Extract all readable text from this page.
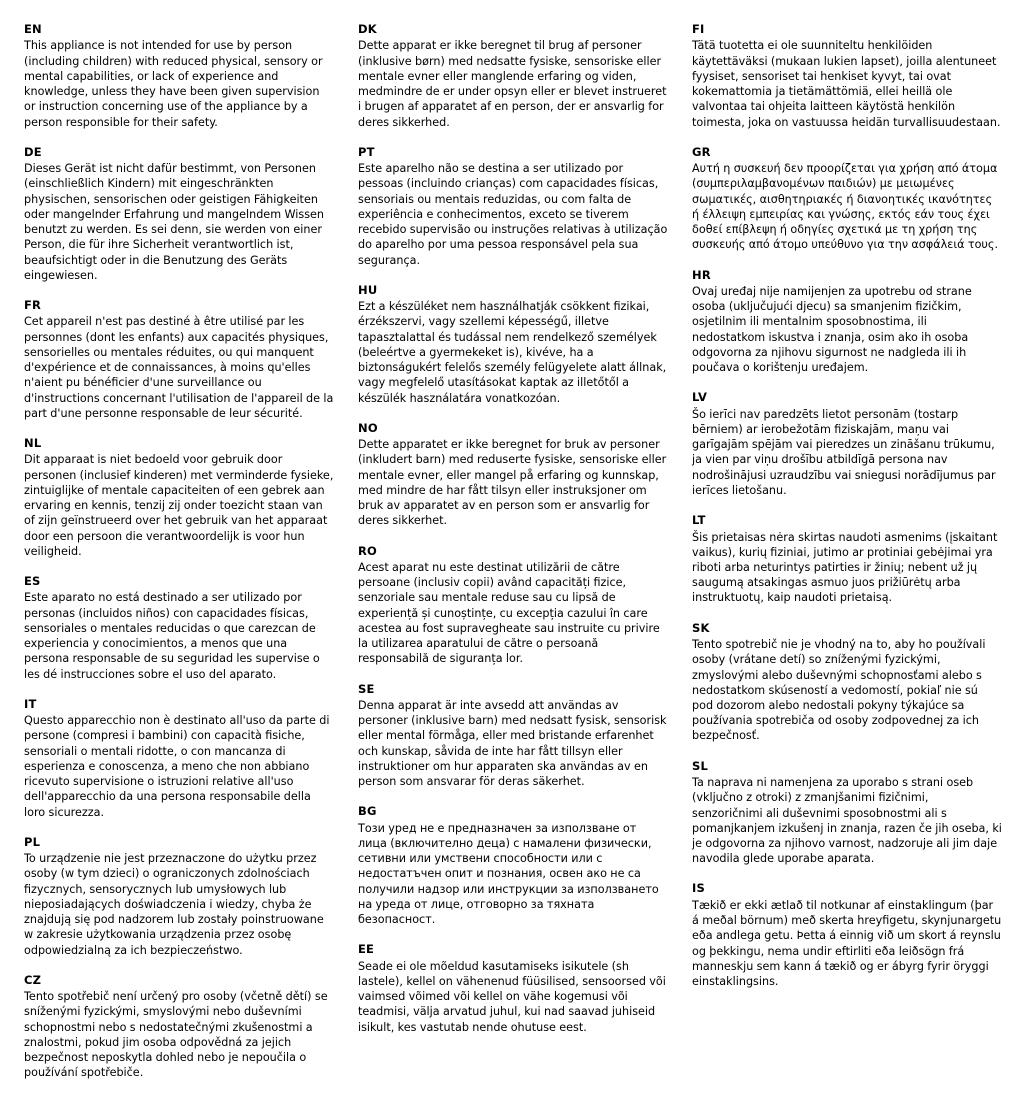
EN
This appliance is not intended for use by person (including children) with reduced physical, sensory or mental capabilities, or lack of experience and knowledge, unless they have been given supervision or instruction concerning use of the appliance by a person responsible for their safety.
DE
Dieses Gerät ist nicht dafür bestimmt, von Personen (einschließlich Kindern) mit eingeschränkten physischen, sensorischen oder geistigen Fähigkeiten oder mangelnder Erfahrung und mangelndem Wissen benutzt zu werden. Es sei denn, sie werden von einer Person, die für ihre Sicherheit verantwortlich ist, beaufsichtigt oder in die Benutzung des Geräts eingewiesen.
FR
Cet appareil n'est pas destiné à être utilisé par les personnes (dont les enfants) aux capacités physiques, sensorielles ou mentales réduites, ou qui manquent d'expérience et de connaissances, à moins qu'elles n'aient pu bénéficier d'une surveillance ou d'instructions concernant l'utilisation de l'appareil de la part d'une personne responsable de leur sécurité.
NL
Dit apparaat is niet bedoeld voor gebruik door personen (inclusief kinderen) met verminderde fysieke, zintuiglijke of mentale capaciteiten of een gebrek aan ervaring en kennis, tenzij zij onder toezicht staan van of zijn geïnstrueerd over het gebruik van het apparaat door een persoon die verantwoordelijk is voor hun veiligheid.
ES
Este aparato no está destinado a ser utilizado por personas (incluidos niños) con capacidades físicas, sensoriales o mentales reducidas o que carezcan de experiencia y conocimientos, a menos que una persona responsable de su seguridad les supervise o les dé instrucciones sobre el uso del aparato.
IT
Questo apparecchio non è destinato all'uso da parte di persone (compresi i bambini) con capacità fisiche, sensoriali o mentali ridotte, o con mancanza di esperienza e conoscenza, a meno che non abbiano ricevuto supervisione o istruzioni relative all'uso dell'apparecchio da una persona responsabile della loro sicurezza.
PL
To urządzenie nie jest przeznaczone do użytku przez osoby (w tym dzieci) o ograniczonych zdolnościach fizycznych, sensorycznych lub umysłowych lub nieposiadających doświadczenia i wiedzy, chyba że znajdują się pod nadzorem lub zostały poinstruowane w zakresie użytkowania urządzenia przez osobę odpowiedzialną za ich bezpieczeństwo.
CZ
Tento spotřebič není určený pro osoby (včetně dětí) se sníženými fyzickými, smyslovými nebo duševními schopnostmi nebo s nedostatečnými zkušenostmi a znalostmi, pokud jim osoba odpovědná za jejich bezpečnost neposkytla dohled nebo je nepoučila o používání spotřebiče.
DK
Dette apparat er ikke beregnet til brug af personer (inklusive børn) med nedsatte fysiske, sensoriske eller mentale evner eller manglende erfaring og viden, medmindre de er under opsyn eller er blevet instrueret i brugen af apparatet af en person, der er ansvarlig for deres sikkerhed.
PT
Este aparelho não se destina a ser utilizado por pessoas (incluindo crianças) com capacidades físicas, sensoriais ou mentais reduzidas, ou com falta de experiência e conhecimentos, exceto se tiverem recebido supervisão ou instruções relativas à utilização do aparelho por uma pessoa responsável pela sua segurança.
HU
Ezt a készüléket nem használhatják csökkent fizikai, érzékszervi, vagy szellemi képességű, illetve tapasztalattal és tudással nem rendelkező személyek (beleértve a gyermekeket is), kivéve, ha a biztonságukért felelős személy felügyelete alatt állnak, vagy megfelelő utasításokat kaptak az illetőtől a készülék használatára vonatkozóan.
NO
Dette apparatet er ikke beregnet for bruk av personer (inkludert barn) med reduserte fysiske, sensoriske eller mentale evner, eller mangel på erfaring og kunnskap, med mindre de har fått tilsyn eller instruksjoner om bruk av apparatet av en person som er ansvarlig for deres sikkerhet.
RO
Acest aparat nu este destinat utilizării de către persoane (inclusiv copii) având capacități fizice, senzoriale sau mentale reduse sau cu lipsă de experiență și cunoștințe, cu excepția cazului în care acestea au fost supravegheate sau instruite cu privire la utilizarea aparatului de către o persoană responsabilă de siguranța lor.
SE
Denna apparat är inte avsedd att användas av personer (inklusive barn) med nedsatt fysisk, sensorisk eller mental förmåga, eller med bristande erfarenhet och kunskap, såvida de inte har fått tillsyn eller instruktioner om hur apparaten ska användas av en person som ansvarar för deras säkerhet.
BG
Този уред не е предназначен за използване от лица (включително деца) с намалени физически, сетивни или умствени способности или с недостатъчен опит и познания, освен ако не са получили надзор или инструкции за използването на уреда от лице, отговорно за тяхната безопасност.
EE
Seade ei ole mõeldud kasutamiseks isikutele (sh lastele), kellel on vähenenud füüsilised, sensoorsed või vaimsed võimed või kellel on vähe kogemusi või teadmisi, välja arvatud juhul, kui nad saavad juhiseid isikult, kes vastutab nende ohutuse eest.
FI
Tätä tuotetta ei ole suunniteltu henkilöiden käytettäväksi (mukaan lukien lapset), joilla alentuneet fyysiset, sensoriset tai henkiset kyvyt, tai ovat kokemattomia ja tietämättömiä, ellei heillä ole valvontaa tai ohjeita laitteen käytöstä henkilön toimesta, joka on vastuussa heidän turvallisuudestaan.
GR
Αυτή η συσκευή δεν προορίζεται για χρήση από άτομα (συμπεριλαμβανομένων παιδιών) με μειωμένες σωματικές, αισθητηριακές ή διανοητικές ικανότητες ή έλλειψη εμπειρίας και γνώσης, εκτός εάν τους έχει δοθεί επίβλεψη ή οδηγίες σχετικά με τη χρήση της συσκευής από άτομο υπεύθυνο για την ασφάλειά τους.
HR
Ovaj uređaj nije namijenjen za upotrebu od strane osoba (uključujući djecu) sa smanjenim fizičkim, osjetilnim ili mentalnim sposobnostima, ili nedostatkom iskustva i znanja, osim ako ih osoba odgovorna za njihovu sigurnost ne nadgleda ili ih poučava o korištenju uređajem.
LV
Šo ierīci nav paredzēts lietot personām (tostarp bērniem) ar ierobežotām fiziskajām, maņu vai garīgajām spējām vai pieredzes un zināšanu trūkumu, ja vien par viņu drošību atbildīgā persona nav nodrošinājusi uzraudzību vai sniegusi norādījumus par ierīces lietošanu.
LT
Šis prietaisas nėra skirtas naudoti asmenims (įskaitant vaikus), kurių fiziniai, jutimo ar protiniai gebėjimai yra riboti arba neturintys patirties ir žinių; nebent už jų saugumą atsakingas asmuo juos prižiūrėtų arba instruktuotų, kaip naudoti prietaisą.
SK
Tento spotrebič nie je vhodný na to, aby ho používali osoby (vrátane detí) so zníženými fyzickými, zmyslovými alebo duševnými schopnosťami alebo s nedostatkom skúseností a vedomostí, pokiaľ nie sú pod dozorom alebo nedostali pokyny týkajúce sa používania spotrebiča od osoby zodpovednej za ich bezpečnosť.
SL
Ta naprava ni namenjena za uporabo s strani oseb (vključno z otroki) z zmanjšanimi fizičnimi, senzoričnimi ali duševnimi sposobnostmi ali s pomanjkanjem izkušenj in znanja, razen če jih oseba, ki je odgovorna za njihovo varnost, nadzoruje ali jim daje navodila glede uporabe aparata.
IS
Tækið er ekki ætlað til notkunar af einstaklingum (þar á meðal börnum) með skerta hreyfigetu, skynjunargetu eða andlega getu. Þetta á einnig við um skort á reynslu og þekkingu, nema undir eftirliti eða leiðsögn frá manneskju sem kann á tækið og er ábyrg fyrir öryggi einstaklingsins.
